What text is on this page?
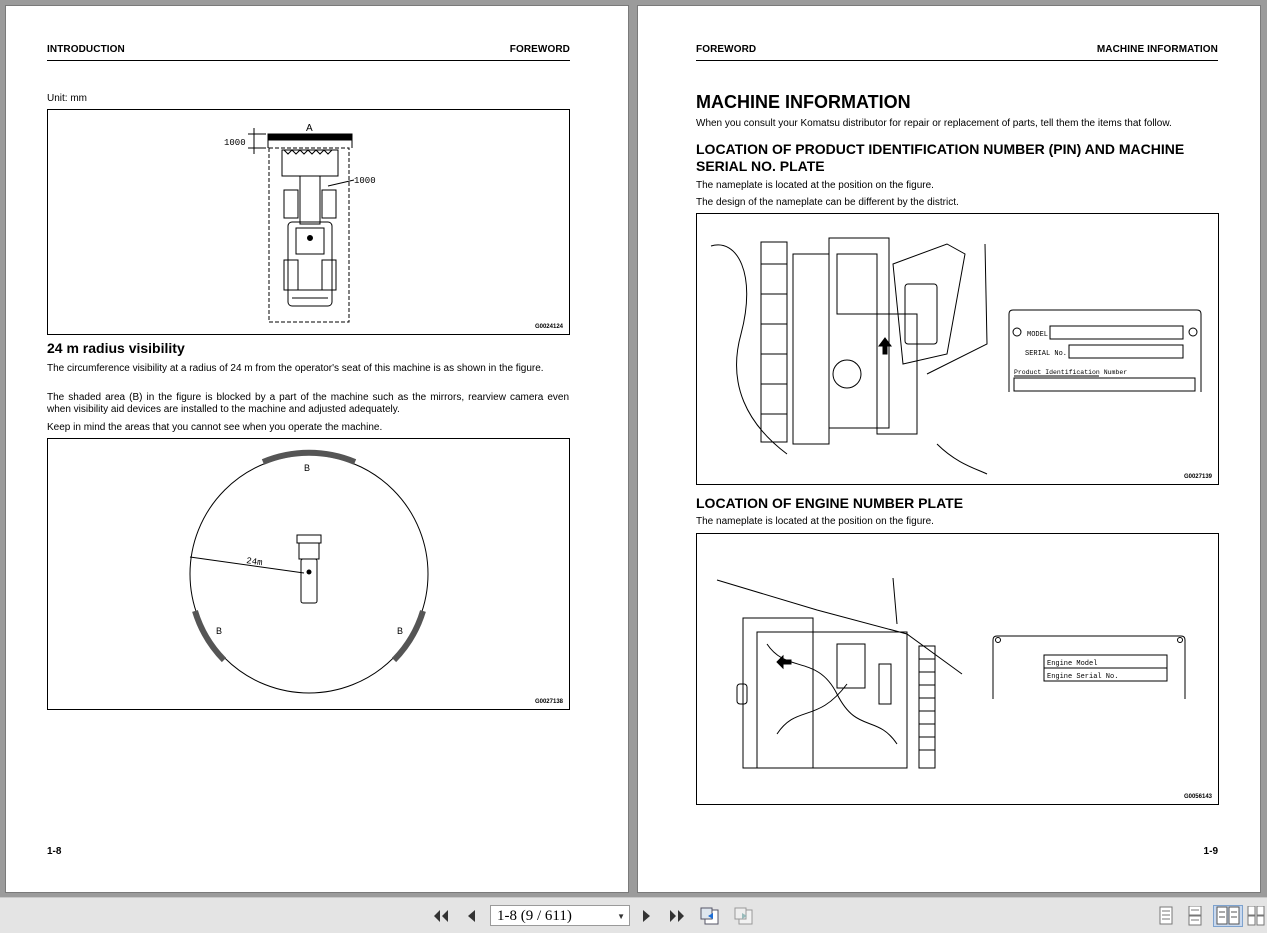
INTRODUCTION	FOREWORD
Unit: mm
A
1000
1000
G0024124
24 m radius visibility
The circumference visibility at a radius of 24 m from the operator's seat of this machine is as shown in the figure.
The shaded area (B) in the figure is blocked by a part of the machine such as the mirrors, rearview camera even when visibility aid devices are installed to the machine and adjusted adequately.
Keep in mind the areas that you cannot see when you operate the machine.
B
B	B
24m
G0027138
1-8
FOREWORD	MACHINE INFORMATION
MACHINE INFORMATION
When you consult your Komatsu distributor for repair or replacement of parts, tell them the items that follow.
LOCATION OF PRODUCT IDENTIFICATION NUMBER (PIN) AND MACHINE SERIAL NO. PLATE
The nameplate is located at the position on the figure.
The design of the nameplate can be different by the district.
MODEL
SERIAL No.
Product Identification Number
G0027139
LOCATION OF ENGINE NUMBER PLATE
The nameplate is located at the position on the figure.
Engine Model
Engine Serial No.
G0056143
1-9
1-8 (9 / 611)	▼
